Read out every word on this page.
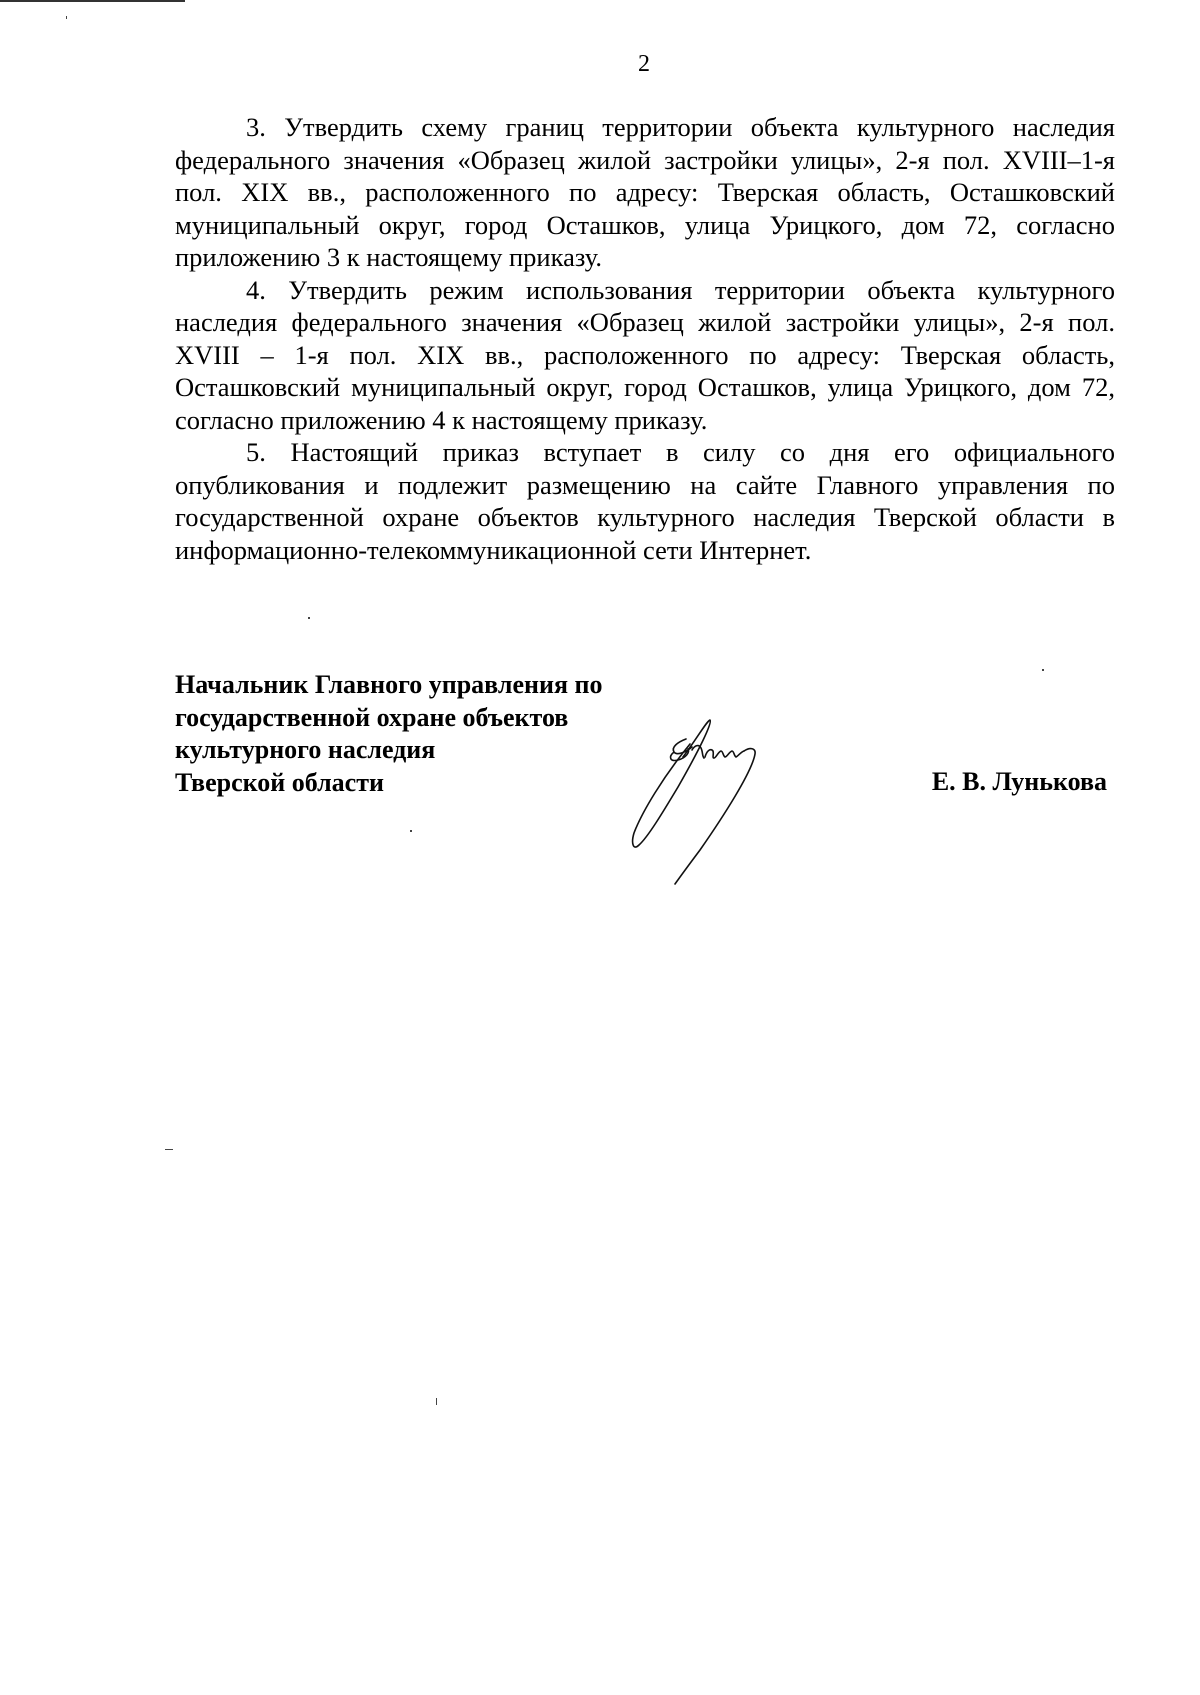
2

3. Утвердить схему границ территории объекта культурного наследия федерального значения «Образец жилой застройки улицы», 2-я пол. XVIII–1-я пол. XIX вв., расположенного по адресу: Тверская область, Осташковский муниципальный округ, город Осташков, улица Урицкого, дом 72, согласно приложению 3 к настоящему приказу.

4. Утвердить режим использования территории объекта культурного наследия федерального значения «Образец жилой застройки улицы», 2-я пол. XVIII – 1-я пол. XIX вв., расположенного по адресу: Тверская область, Осташковский муниципальный округ, город Осташков, улица Урицкого, дом 72, согласно приложению 4 к настоящему приказу.

5. Настоящий приказ вступает в силу со дня его официального опубликования и подлежит размещению на сайте Главного управления по государственной охране объектов культурного наследия Тверской области в информационно-телекоммуникационной сети Интернет.

Начальник Главного управления по
государственной охране объектов
культурного наследия
Тверской области	Е. В. Лунькова
